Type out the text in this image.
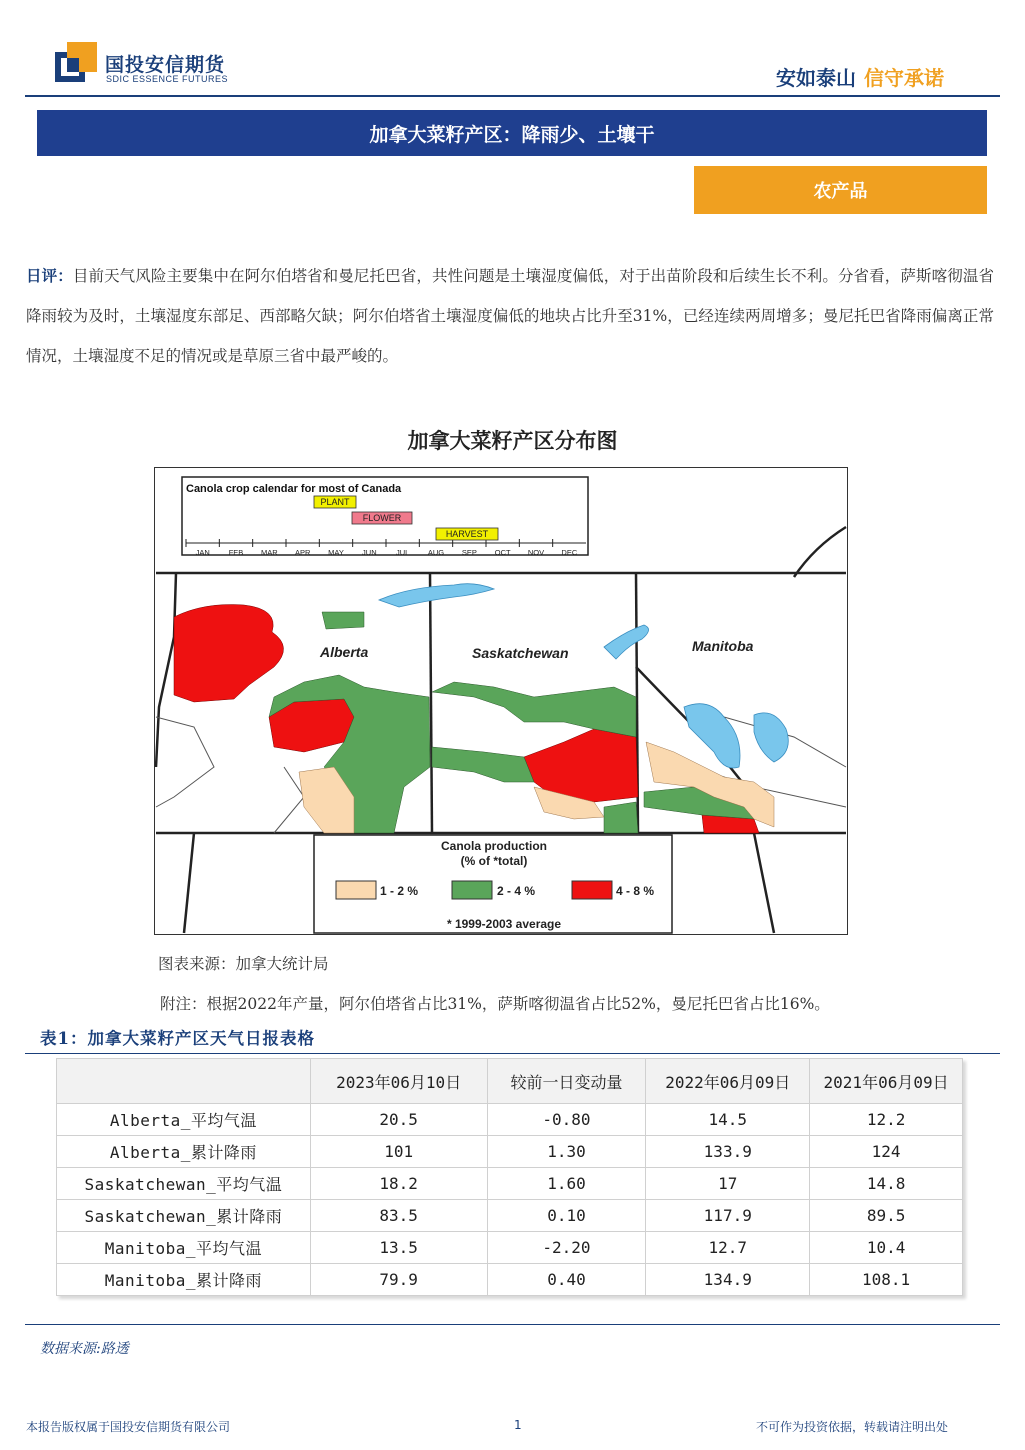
国投安信期货
SDIC ESSENCE FUTURES	安如泰山 信守承诺
加拿大菜籽产区：降雨少、土壤干
农产品
日评：目前天气风险主要集中在阿尔伯塔省和曼尼托巴省，共性问题是土壤湿度偏低，对于出苗阶段和后续生长不利。分省看，萨斯喀彻温省降雨较为及时，土壤湿度东部足、西部略欠缺；阿尔伯塔省土壤湿度偏低的地块占比升至31%，已经连续两周增多；曼尼托巴省降雨偏离正常情况，土壤湿度不足的情况或是草原三省中最严峻的。
加拿大菜籽产区分布图
Canola crop calendar for most of Canada
JAN	FEB MAR APR MAY JUN	JUL AUG SEP OCT NOV DEC
PLANT
FLOWER
HARVEST
Alberta	Saskatchewan	Manitoba
Canola production
(% of *total)
1 - 2 %	2 - 4 %	4 - 8 %
* 1999-2003 average
图表来源：加拿大统计局
附注：根据2022年产量，阿尔伯塔省占比31%，萨斯喀彻温省占比52%，曼尼托巴省占比16%。
表1：加拿大菜籽产区天气日报表格
	2023年06月10日	较前一日变动量	2022年06月09日	2021年06月09日
Alberta_平均气温	20.5	-0.80	14.5	12.2
Alberta_累计降雨	101	1.30	133.9	124
Saskatchewan_平均气温	18.2	1.60	17	14.8
Saskatchewan_累计降雨	83.5	0.10	117.9	89.5
Manitoba_平均气温	13.5	-2.20	12.7	10.4
Manitoba_累计降雨	79.9	0.40	134.9	108.1
数据来源:路透
本报告版权属于国投安信期货有限公司	1	不可作为投资依据，转载请注明出处
